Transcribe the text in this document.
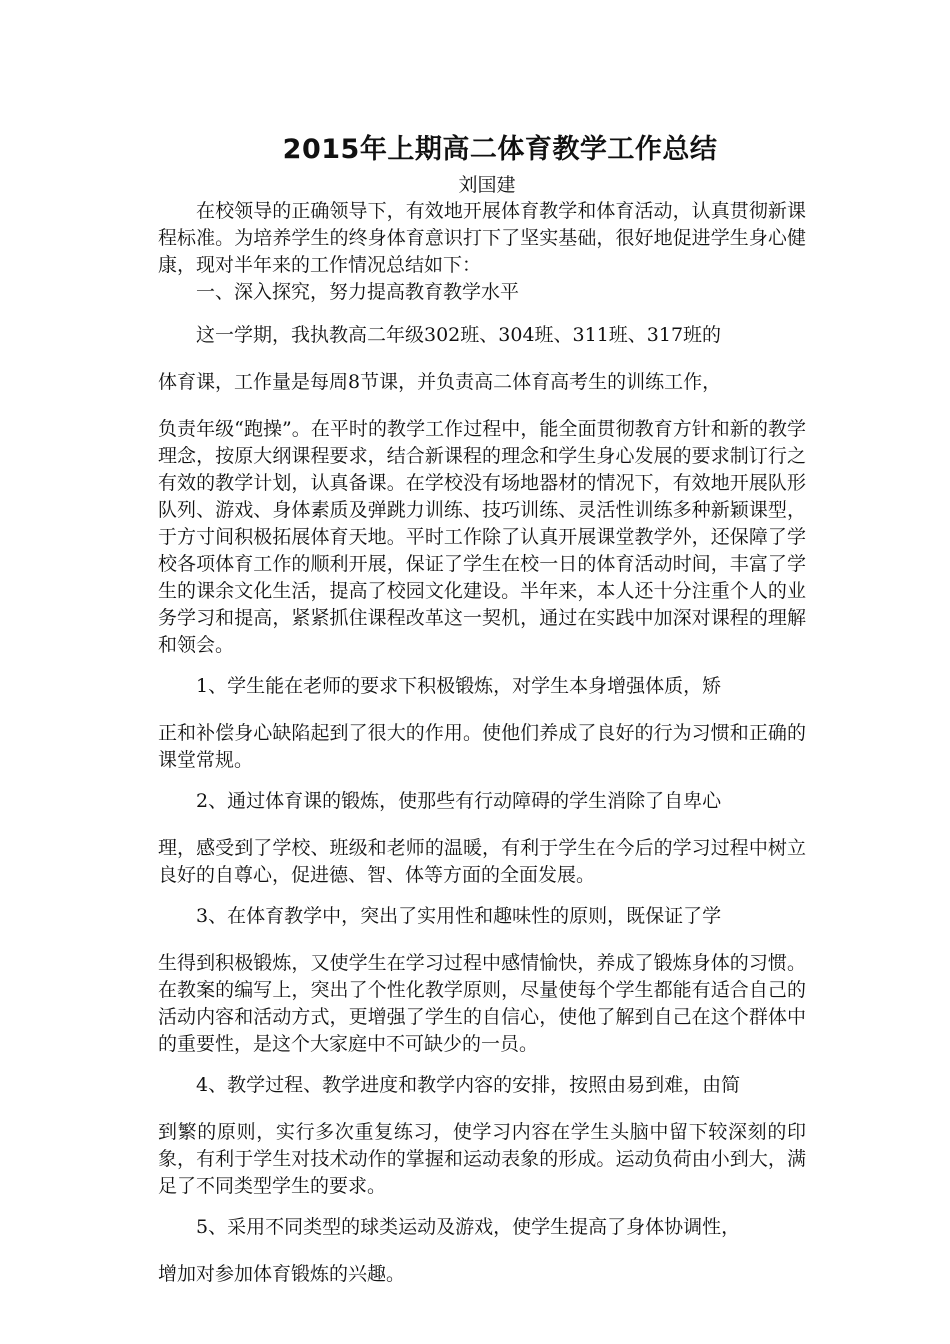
2015年上期高二体育教学工作总结

刘国建

在校领导的正确领导下，有效地开展体育教学和体育活动，认真贯彻新课程标准。为培养学生的终身体育意识打下了坚实基础，很好地促进学生身心健康，现对半年来的工作情况总结如下：

一、深入探究，努力提高教育教学水平

这一学期，我执教高二年级302班、304班、311班、317班的
体育课，工作量是每周8节课，并负责高二体育高考生的训练工作，
负责年级“跑操”。在平时的教学工作过程中，能全面贯彻教育方针和新的教学理念，按原大纲课程要求，结合新课程的理念和学生身心发展的要求制订行之有效的教学计划，认真备课。在学校没有场地器材的情况下，有效地开展队形队列、游戏、身体素质及弹跳力训练、技巧训练、灵活性训练多种新颖课型，于方寸间积极拓展体育天地。平时工作除了认真开展课堂教学外，还保障了学校各项体育工作的顺利开展，保证了学生在校一日的体育活动时间，丰富了学生的课余文化生活，提高了校园文化建设。半年来，本人还十分注重个人的业务学习和提高，紧紧抓住课程改革这一契机，通过在实践中加深对课程的理解和领会。
1、学生能在老师的要求下积极锻炼，对学生本身增强体质，矫
正和补偿身心缺陷起到了很大的作用。使他们养成了良好的行为习惯和正确的课堂常规。
2、通过体育课的锻炼，使那些有行动障碍的学生消除了自卑心
理，感受到了学校、班级和老师的温暖，有利于学生在今后的学习过程中树立良好的自尊心，促进德、智、体等方面的全面发展。
3、在体育教学中，突出了实用性和趣味性的原则，既保证了学
生得到积极锻炼，又使学生在学习过程中感情愉快，养成了锻炼身体的习惯。在教案的编写上，突出了个性化教学原则，尽量使每个学生都能有适合自己的活动内容和活动方式，更增强了学生的自信心，使他了解到自己在这个群体中的重要性，是这个大家庭中不可缺少的一员。
4、教学过程、教学进度和教学内容的安排，按照由易到难，由简
到繁的原则，实行多次重复练习，使学习内容在学生头脑中留下较深刻的印象，有利于学生对技术动作的掌握和运动表象的形成。运动负荷由小到大，满足了不同类型学生的要求。
5、采用不同类型的球类运动及游戏，使学生提高了身体协调性，
增加对参加体育锻炼的兴趣。
